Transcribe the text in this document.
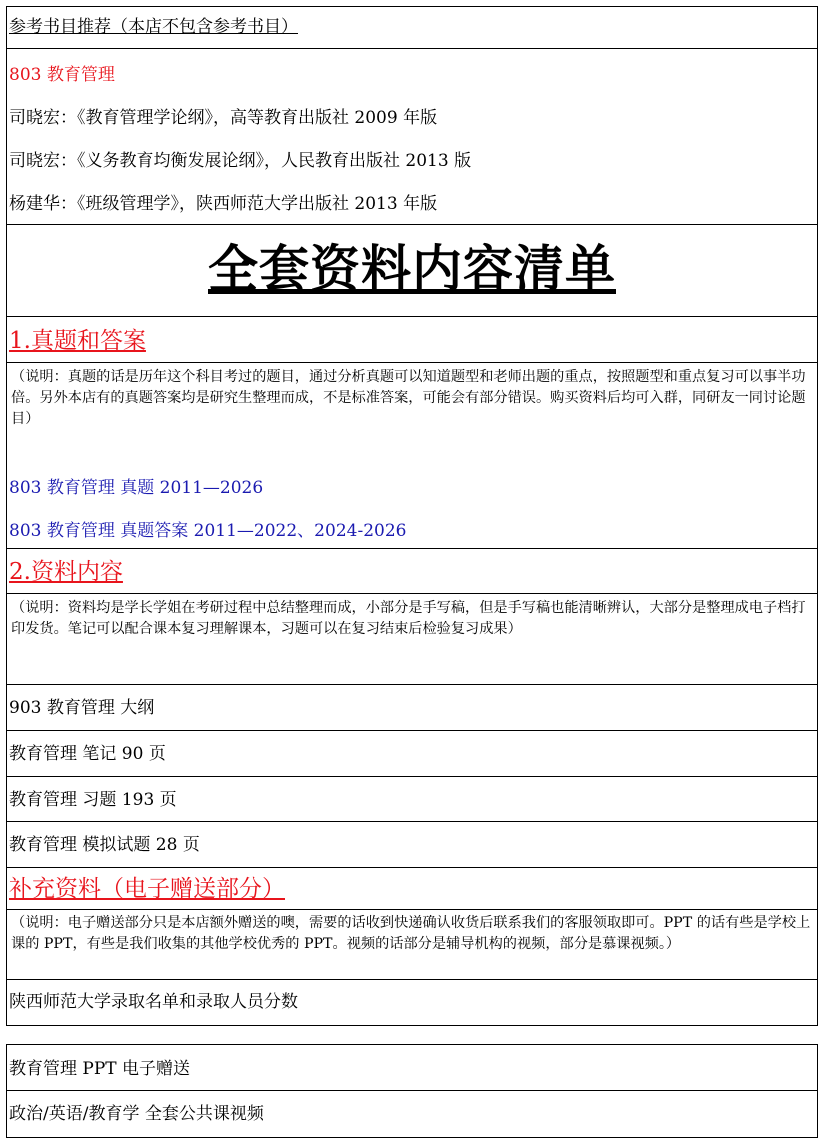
参考书目推荐（本店不包含参考书目）
803 教育管理
司晓宏：《教育管理学论纲》，高等教育出版社 2009 年版
司晓宏：《义务教育均衡发展论纲》，人民教育出版社 2013 版
杨建华：《班级管理学》，陕西师范大学出版社 2013 年版
全套资料内容清单
1.真题和答案
（说明：真题的话是历年这个科目考过的题目，通过分析真题可以知道题型和老师出题的重点，按照题型和重点复习可以事半功倍。另外本店有的真题答案均是研究生整理而成，不是标准答案，可能会有部分错误。购买资料后均可入群，同研友一同讨论题目）
803 教育管理 真题 2011—2026
803 教育管理 真题答案 2011—2022、2024-2026
2.资料内容
（说明：资料均是学长学姐在考研过程中总结整理而成，小部分是手写稿，但是手写稿也能清晰辨认，大部分是整理成电子档打印发货。笔记可以配合课本复习理解课本，习题可以在复习结束后检验复习成果）
903 教育管理 大纲
教育管理 笔记 90 页
教育管理 习题 193 页
教育管理 模拟试题 28 页
补充资料（电子赠送部分）
（说明：电子赠送部分只是本店额外赠送的噢，需要的话收到快递确认收货后联系我们的客服领取即可。PPT 的话有些是学校上课的 PPT，有些是我们收集的其他学校优秀的 PPT。视频的话部分是辅导机构的视频，部分是慕课视频。）
陕西师范大学录取名单和录取人员分数
教育管理 PPT 电子赠送
政治/英语/教育学 全套公共课视频
